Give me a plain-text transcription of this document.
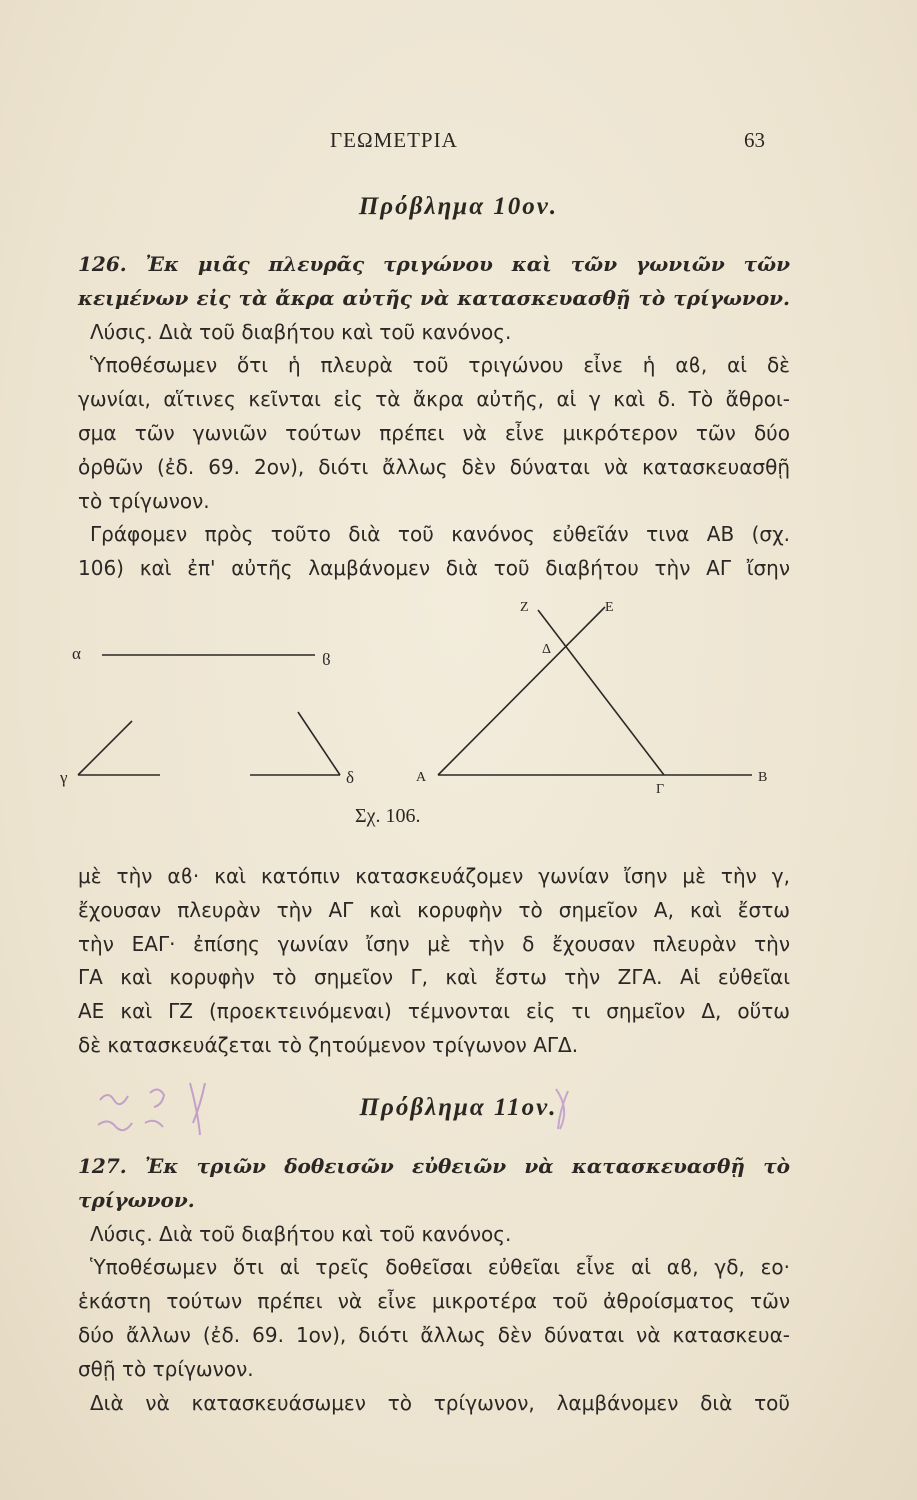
ΓΕΩΜΕΤΡΙΑ	63
Πρόβλημα 10ον.
126. Ἐκ μιᾶς πλευρᾶς τριγώνου καὶ τῶν γωνιῶν τῶν
κειμένων εἰς τὰ ἄκρα αὐτῆς νὰ κατασκευασθῇ τὸ τρίγωνον.
Λύσις. Διὰ τοῦ διαβήτου καὶ τοῦ κανόνος.
Ὑποθέσωμεν ὅτι ἡ πλευρὰ τοῦ τριγώνου εἶνε ἡ αϐ, αἱ δὲ
γωνίαι, αἵτινες κεῖνται εἰς τὰ ἄκρα αὐτῆς, αἱ γ καὶ δ. Τὸ ἄθροι-
σμα τῶν γωνιῶν τούτων πρέπει νὰ εἶνε μικρότερον τῶν δύο
ὀρθῶν (ἐδ. 69. 2ον), διότι ἄλλως δὲν δύναται νὰ κατασκευασθῇ
τὸ τρίγωνον.
Γράφομεν πρὸς τοῦτο διὰ τοῦ κανόνος εὐθεῖάν τινα ΑΒ (σχ.
106) καὶ ἐπ' αὐτῆς λαμβάνομεν διὰ τοῦ διαβήτου τὴν ΑΓ ἴσην
α	ϐ
γ	δ	Α	Β
Γ
Δ
Ε
Ζ
Σχ. 106.
μὲ τὴν αϐ· καὶ κατόπιν κατασκευάζομεν γωνίαν ἴσην μὲ τὴν γ,
ἔχουσαν πλευρὰν τὴν ΑΓ καὶ κορυφὴν τὸ σημεῖον Α, καὶ ἔστω
τὴν ΕΑΓ· ἐπίσης γωνίαν ἴσην μὲ τὴν δ ἔχουσαν πλευρὰν τὴν
ΓΑ καὶ κορυφὴν τὸ σημεῖον Γ, καὶ ἔστω τὴν ΖΓΑ. Αἱ εὐθεῖαι
ΑΕ καὶ ΓΖ (προεκτεινόμεναι) τέμνονται εἰς τι σημεῖον Δ, οὕτω
δὲ κατασκευάζεται τὸ ζητούμενον τρίγωνον ΑΓΔ.
Πρόβλημα 11ον.
127. Ἐκ τριῶν δοθεισῶν εὐθειῶν νὰ κατασκευασθῇ τὸ
τρίγωνον.
Λύσις. Διὰ τοῦ διαβήτου καὶ τοῦ κανόνος.
Ὑποθέσωμεν ὅτι αἱ τρεῖς δοθεῖσαι εὐθεῖαι εἶνε αἱ αϐ, γδ, εο·
ἑκάστη τούτων πρέπει νὰ εἶνε μικροτέρα τοῦ ἀθροίσματος τῶν
δύο ἄλλων (ἐδ. 69. 1ον), διότι ἄλλως δὲν δύναται νὰ κατασκευα-
σθῇ τὸ τρίγωνον.
Διὰ νὰ κατασκευάσωμεν τὸ τρίγωνον, λαμβάνομεν διὰ τοῦ
